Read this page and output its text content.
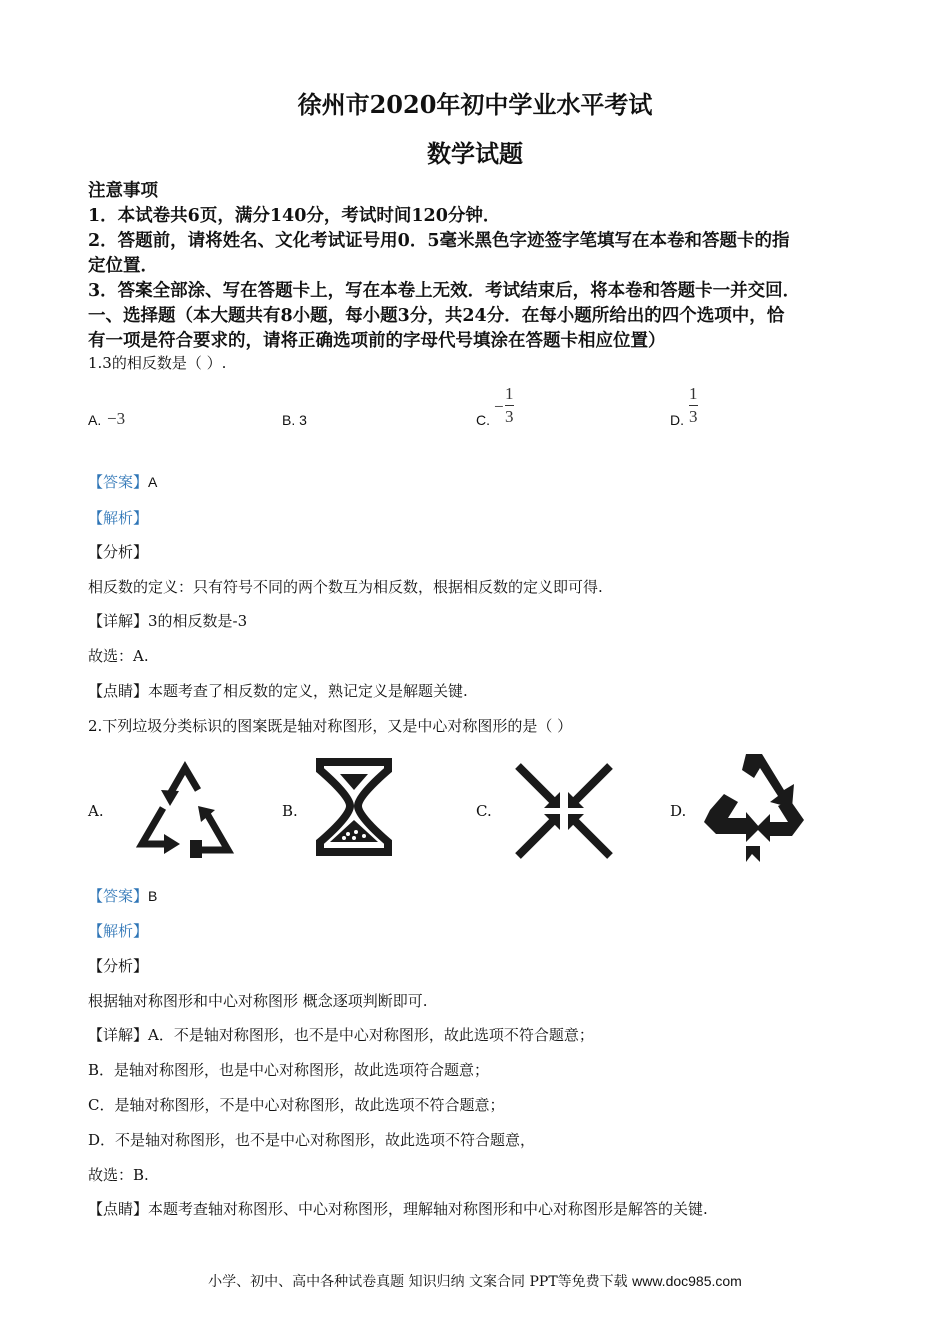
徐州市2020年初中学业水平考试
数学试题
注意事项
1．本试卷共6页，满分140分，考试时间120分钟．
2．答题前，请将姓名、文化考试证号用0．5毫米黑色字迹签字笔填写在本卷和答题卡的指
定位置．
3．答案全部涂、写在答题卡上，写在本卷上无效．考试结束后，将本卷和答题卡一并交回．
一、选择题（本大题共有8小题，每小题3分，共24分．在每小题所给出的四个选项中，恰
有一项是符合要求的，请将正确选项前的字母代号填涂在答题卡相应位置）
1.3的相反数是（ ）.
A. −3	B. 3	C.
−
1
3	D.
1
3
【答案】A
【解析】
【分析】
相反数的定义：只有符号不同的两个数互为相反数，根据相反数的定义即可得.
【详解】3的相反数是-3
故选：A.
【点睛】本题考查了相反数的定义，熟记定义是解题关键.
2.下列垃圾分类标识的图案既是轴对称图形，又是中心对称图形的是（ ）
A.	B.	C.	D.
【答案】B
【解析】
【分析】
根据轴对称图形和中心对称图形 概念逐项判断即可.
【详解】A．不是轴对称图形，也不是中心对称图形，故此选项不符合题意；
B．是轴对称图形，也是中心对称图形，故此选项符合题意；
C．是轴对称图形，不是中心对称图形，故此选项不符合题意；
D．不是轴对称图形，也不是中心对称图形，故此选项不符合题意，
故选：B.
【点睛】本题考查轴对称图形、中心对称图形，理解轴对称图形和中心对称图形是解答的关键.
小学、初中、高中各种试卷真题 知识归纳 文案合同 PPT等免费下载 www.doc985.com
